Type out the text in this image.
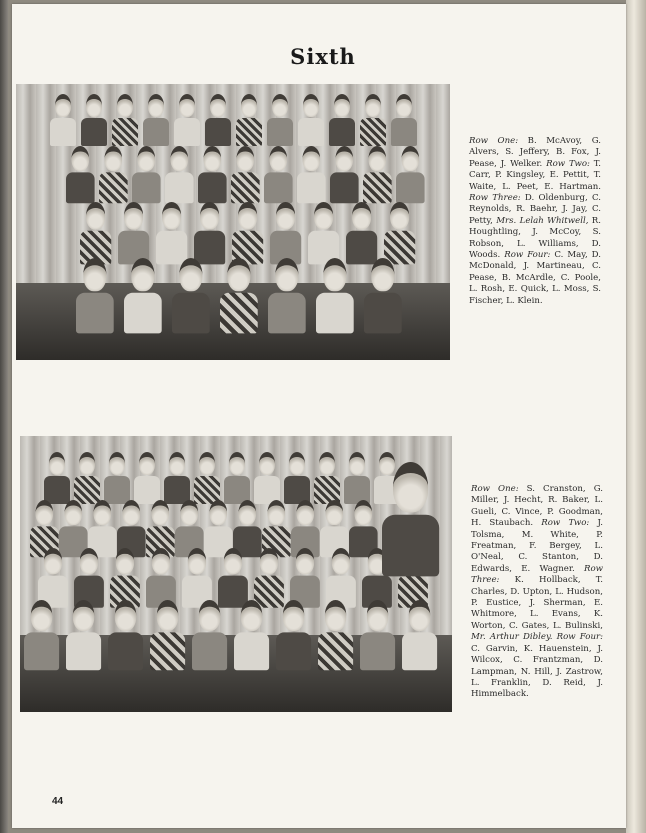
Sixth
Row One: B. McAvoy, G. Alvers, S. Jeffery, B. Fox, J. Pease, J. Welker. Row Two: T. Carr, P. Kingsley, E. Pettit, T. Waite, L. Peet, E. Hartman. Row Three: D. Oldenburg, C. Reynolds, R. Baehr, J. Jay, C. Petty, Mrs. Lelah Whitwell, R. Houghtling, J. McCoy, S. Robson, L. Williams, D. Woods. Row Four: C. May, D. McDonald, J. Martineau, C. Pease, B. McArdle, C. Poole, L. Rosh, E. Quick, L. Moss, S. Fischer, L. Klein.
Row One: S. Cranston, G. Miller, J. Hecht, R. Baker, L. Gueli, C. Vince, P. Goodman, H. Staubach. Row Two: J. Tolsma, M. White, P. Freatman, F. Bergey, L. O'Neal, C. Stanton, D. Edwards, E. Wagner. Row Three: K. Hollback, T. Charles, D. Upton, L. Hudson, P. Eustice, J. Sherman, E. Whitmore, L. Evans, K. Worton, C. Gates, L. Bulinski, Mr. Arthur Dibley. Row Four: C. Garvin, K. Hauenstein, J. Wilcox, C. Frantzman, D. Lampman, N. Hill, J. Zastrow, L. Franklin, D. Reid, J. Himmelback.
44
